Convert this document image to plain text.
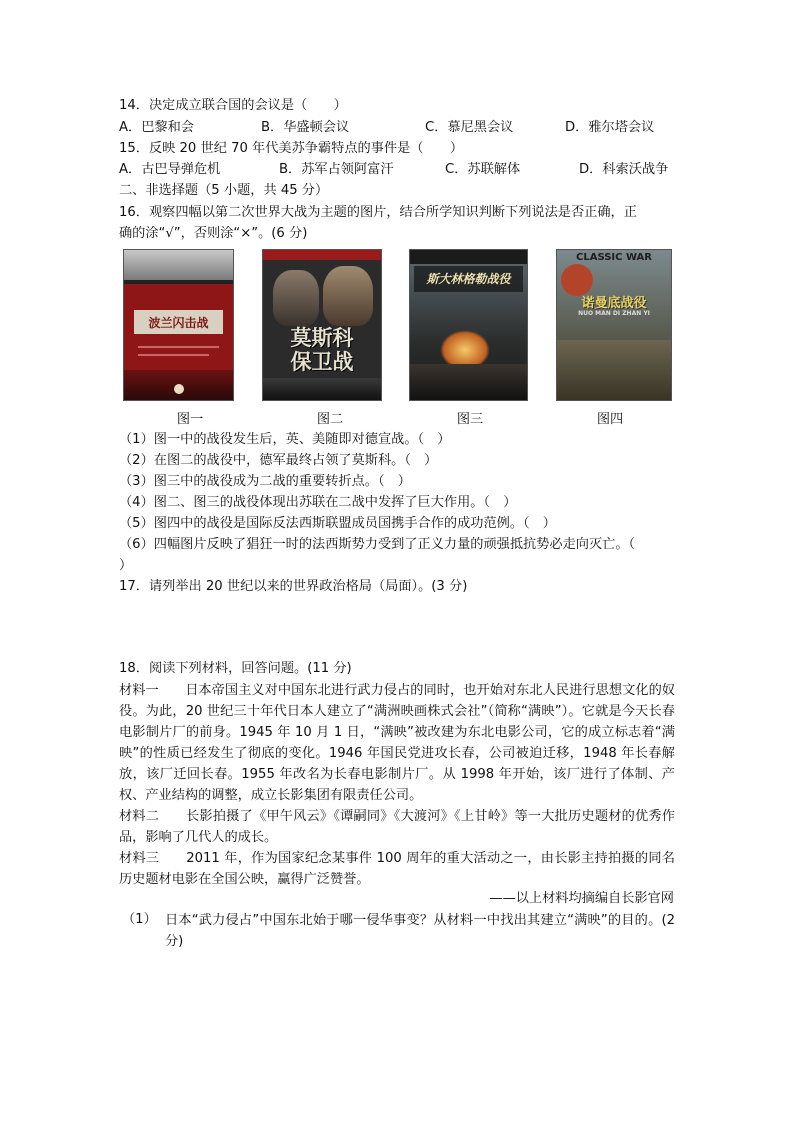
14．决定成立联合国的会议是（　　）
A．巴黎和会	B．华盛顿会议	C．慕尼黑会议	D．雅尔塔会议
15．反映 20 世纪 70 年代美苏争霸特点的事件是（　　）
A．古巴导弹危机	B．苏军占领阿富汗	C．苏联解体	D．科索沃战争
二、非选择题（5 小题，共 45 分）
16．观察四幅以第二次世界大战为主题的图片，结合所学知识判断下列说法是否正确，正
确的涂“√”，否则涂“×”。(6 分)
波兰闪击战
莫斯科
保卫战
斯大林格勒战役
CLASSIC WAR
诺曼底战役
NUO MAN DI ZHAN YI
图一	图二	图三	图四
（1）图一中的战役发生后，英、美随即对德宣战。（　）
（2）在图二的战役中，德军最终占领了莫斯科。（　）
（3）图三中的战役成为二战的重要转折点。（　）
（4）图二、图三的战役体现出苏联在二战中发挥了巨大作用。（　）
（5）图四中的战役是国际反法西斯联盟成员国携手合作的成功范例。（　）
（6）四幅图片反映了猖狂一时的法西斯势力受到了正义力量的顽强抵抗势必走向灭亡。（
）
17．请列举出 20 世纪以来的世界政治格局（局面）。(3 分)
18．阅读下列材料，回答问题。(11 分)
材料一　　日本帝国主义对中国东北进行武力侵占的同时，也开始对东北人民进行思想文化的奴役。为此，20 世纪三十年代日本人建立了“满洲映画株式会社”（简称“满映”）。它就是今天长春电影制片厂的前身。1945 年 10 月 1 日，“满映”被改建为东北电影公司，它的成立标志着“满映”的性质已经发生了彻底的变化。1946 年国民党进攻长春，公司被迫迁移，1948 年长春解放，该厂迁回长春。1955 年改名为长春电影制片厂。从 1998 年开始，该厂进行了体制、产权、产业结构的调整，成立长影集团有限责任公司。
材料二　　长影拍摄了《甲午风云》《谭嗣同》《大渡河》《上甘岭》等一大批历史题材的优秀作品，影响了几代人的成长。
材料三　　2011 年，作为国家纪念某事件 100 周年的重大活动之一，由长影主持拍摄的同名历史题材电影在全国公映，赢得广泛赞誉。
——以上材料均摘编自长影官网
（1） 日本“武力侵占”中国东北始于哪一侵华事变？从材料一中找出其建立“满映”的目的。(2 分)
